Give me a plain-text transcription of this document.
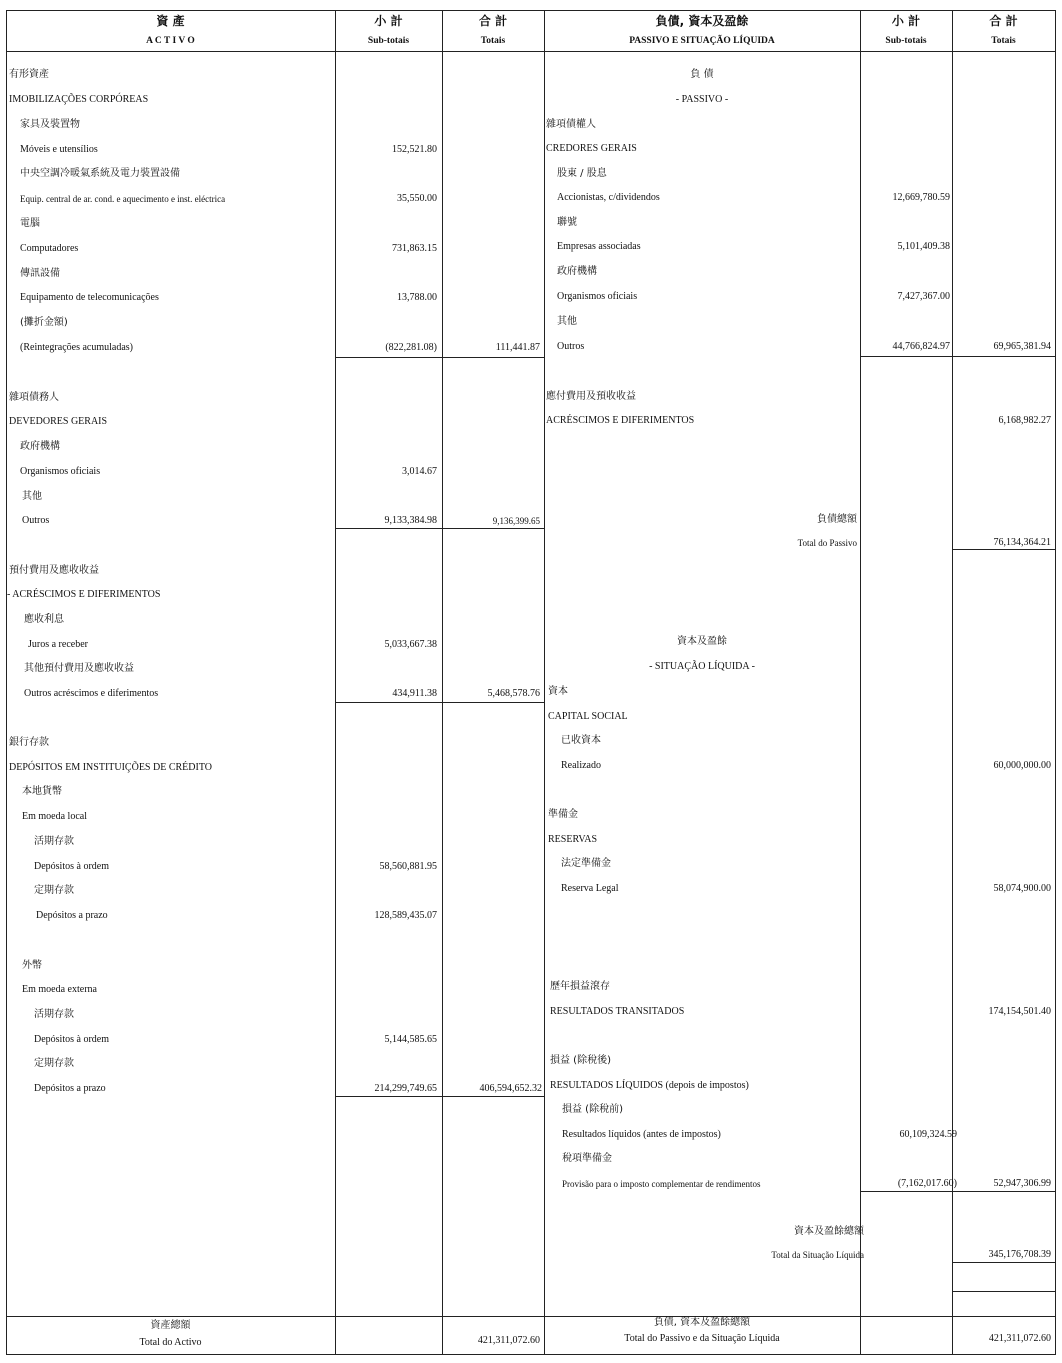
資 產
A C T I V O
小 計
Sub-totais
合 計
Totais
負債, 資本及盈餘
PASSIVO E SITUAÇÃO LÍQUIDA
小 計
Sub-totais
合 計
Totais
有形資產
IMOBILIZAÇÕES CORPÓREAS
家具及裝置物
Móveis e utensílios	152,521.80
中央空調冷暖氣系統及電力裝置設備
Equip. central de ar. cond. e aquecimento e inst. eléctrica	35,550.00
電腦
Computadores	731,863.15
傳訊設備
Equipamento de telecomunicações	13,788.00
(攤折金額)
(Reintegrações acumuladas)	(822,281.08)	111,441.87
雜項債務人
DEVEDORES GERAIS
政府機構
Organismos oficiais	3,014.67
其他
Outros	9,133,384.98	9,136,399.65
預付費用及應收收益
- ACRÉSCIMOS E DIFERIMENTOS
應收利息
Juros a receber	5,033,667.38
其他預付費用及應收收益
Outros acréscimos e diferimentos	434,911.38	5,468,578.76
銀行存款
DEPÓSITOS EM INSTITUIÇÕES DE CRÉDITO
本地貨幣
Em moeda local
活期存款
Depósitos à ordem	58,560,881.95
定期存款
Depósitos a prazo	128,589,435.07
外幣
Em moeda externa
活期存款
Depósitos à ordem	5,144,585.65
定期存款
Depósitos a prazo	214,299,749.65	406,594,652.32
資產總額
Total do Activo	421,311,072.60
負 債
- PASSIVO -
雜項債權人
CREDORES GERAIS
股東 / 股息
Accionistas, c/dividendos	12,669,780.59
聯號
Empresas associadas	5,101,409.38
政府機構
Organismos oficiais	7,427,367.00
其他
Outros	44,766,824.97	69,965,381.94
應付費用及預收收益
ACRÉSCIMOS E DIFERIMENTOS	6,168,982.27
負債總額
Total do Passivo	76,134,364.21
資本及盈餘
- SITUAÇÃO LÍQUIDA -
資本
CAPITAL SOCIAL
已收資本
Realizado	60,000,000.00
準備金
RESERVAS
法定準備金
Reserva Legal	58,074,900.00
歷年損益滾存
RESULTADOS TRANSITADOS	174,154,501.40
損益 (除稅後)
RESULTADOS LÍQUIDOS (depois de impostos)
損益 (除稅前)
Resultados líquidos (antes de impostos)	60,109,324.59
稅項準備金
Provisão para o imposto complementar de rendimentos	(7,162,017.60)	52,947,306.99
資本及盈餘總額
Total da Situação Líquida	345,176,708.39
負債, 資本及盈餘總額
Total do Passivo e da Situação Líquida	421,311,072.60
